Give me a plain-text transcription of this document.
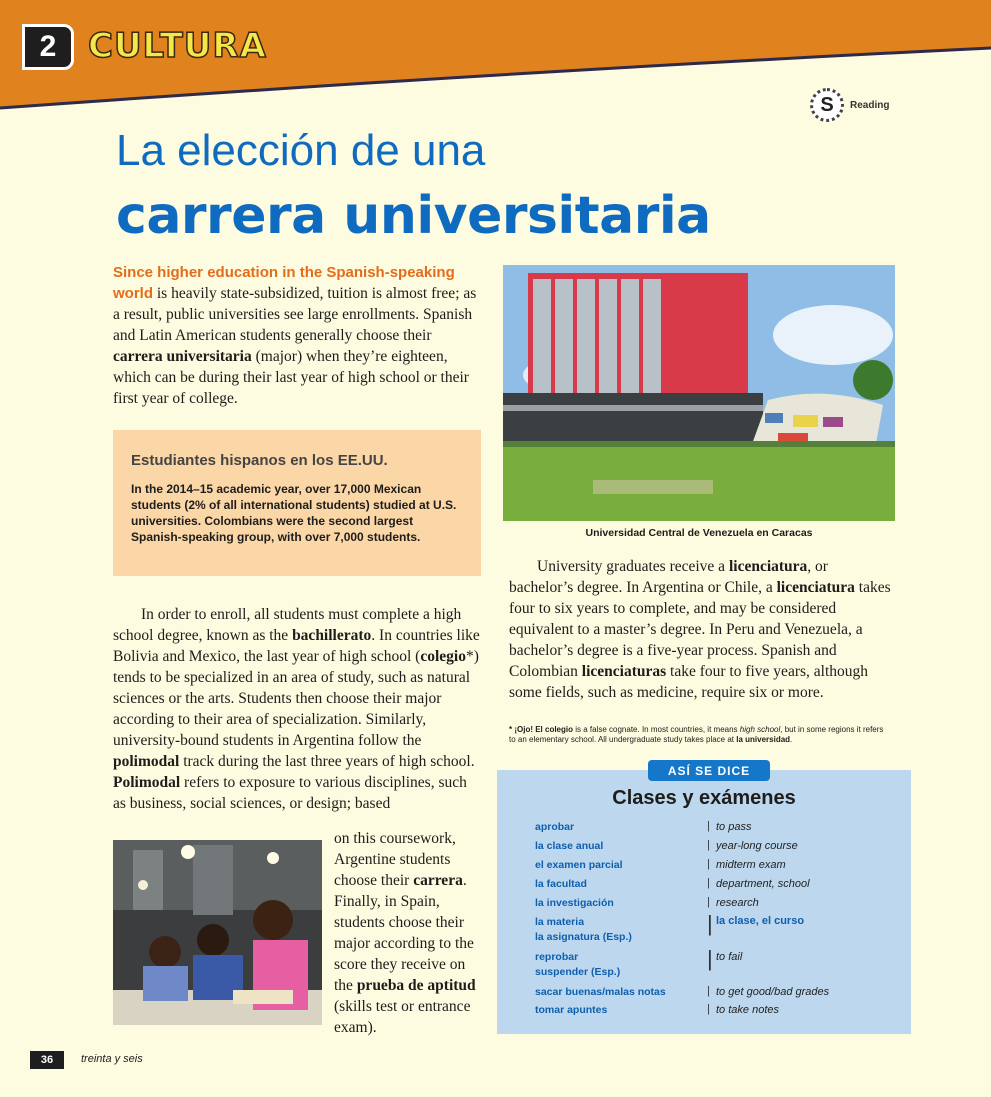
2 CULTURA
S	Reading
La elección de una
carrera universitaria
Since higher education in the Spanish-speaking world is heavily state-subsidized, tuition is almost free; as a result, public universities see large enrollments. Spanish and Latin American students generally choose their carrera universitaria (major) when they’re eighteen, which can be during their last year of high school or their first year of college.
Estudiantes hispanos en los EE.UU.

In the 2014–15 academic year, over 17,000 Mexican students (2% of all international students) studied at U.S. universities. Colombians were the second largest Spanish-speaking group, with over 7,000 students.

In order to enroll, all students must complete a high school degree, known as the bachillerato. In countries like Bolivia and Mexico, the last year of high school (colegio*) tends to be specialized in an area of study, such as natural sciences or the arts. Students then choose their major according to their area of specialization. Similarly, university-bound students in Argentina follow the polimodal track during the last three years of high school. Polimodal refers to exposure to various disciplines, such as business, social sciences, or design; based
on this coursework, Argentine students choose their carrera. Finally, in Spain, students choose their major according to the score they receive on the prueba de aptitud (skills test or entrance exam).
Universidad Central de Venezuela en Caracas
University graduates receive a licenciatura, or bachelor’s degree. In Argentina or Chile, a licenciatura takes four to six years to complete, and may be considered equivalent to a master’s degree. In Peru and Venezuela, a bachelor’s degree is a five-year process. Spanish and Colombian licenciaturas take four to five years, although some fields, such as medicine, require six or more.
* ¡Ojo! El colegio is a false cognate. In most countries, it means high school, but in some regions it refers to an elementary school. All undergraduate study takes place at la universidad.
ASÍ SE DICE
Clases y exámenes
aprobar	| to pass
la clase anual	| year-long course
el examen parcial	| midterm exam
la facultad	| department, school
la investigación	| research
la materia
la asignatura (Esp.)
| la clase, el curso
reprobar
suspender (Esp.)
| to fail
sacar buenas/malas notas	| to get good/bad grades
tomar apuntes	| to take notes
36	treinta y seis
